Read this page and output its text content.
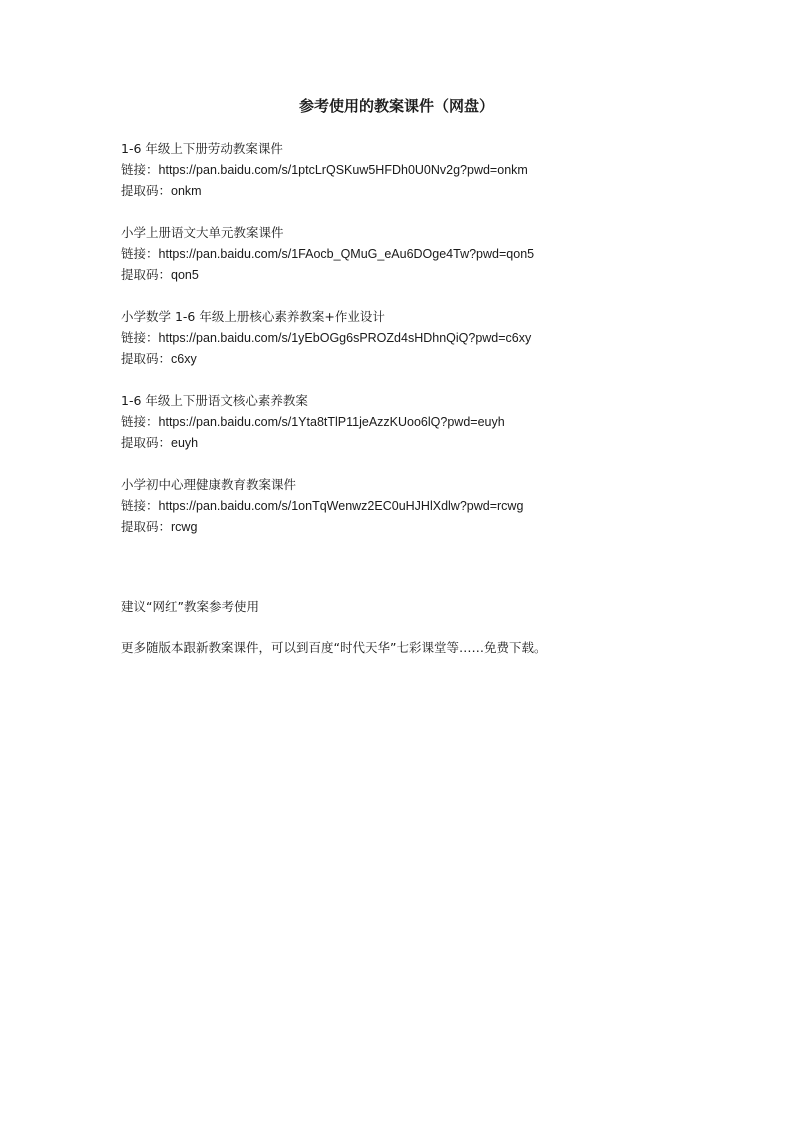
参考使用的教案课件（网盘）

1-6 年级上下册劳动教案课件

链接：https://pan.baidu.com/s/1ptcLrQSKuw5HFDh0U0Nv2g?pwd=onkm

提取码：onkm

小学上册语文大单元教案课件

链接：https://pan.baidu.com/s/1FAocb_QMuG_eAu6DOge4Tw?pwd=qon5

提取码：qon5

小学数学 1-6 年级上册核心素养教案+作业设计

链接：https://pan.baidu.com/s/1yEbOGg6sPROZd4sHDhnQiQ?pwd=c6xy

提取码：c6xy

1-6 年级上下册语文核心素养教案

链接：https://pan.baidu.com/s/1Yta8tTlP11jeAzzKUoo6lQ?pwd=euyh

提取码：euyh

小学初中心理健康教育教案课件

链接：https://pan.baidu.com/s/1onTqWenwz2EC0uHJHlXdlw?pwd=rcwg

提取码：rcwg

建议“网红”教案参考使用

更多随版本跟新教案课件，可以到百度“时代天华”七彩课堂等……免费下载。
